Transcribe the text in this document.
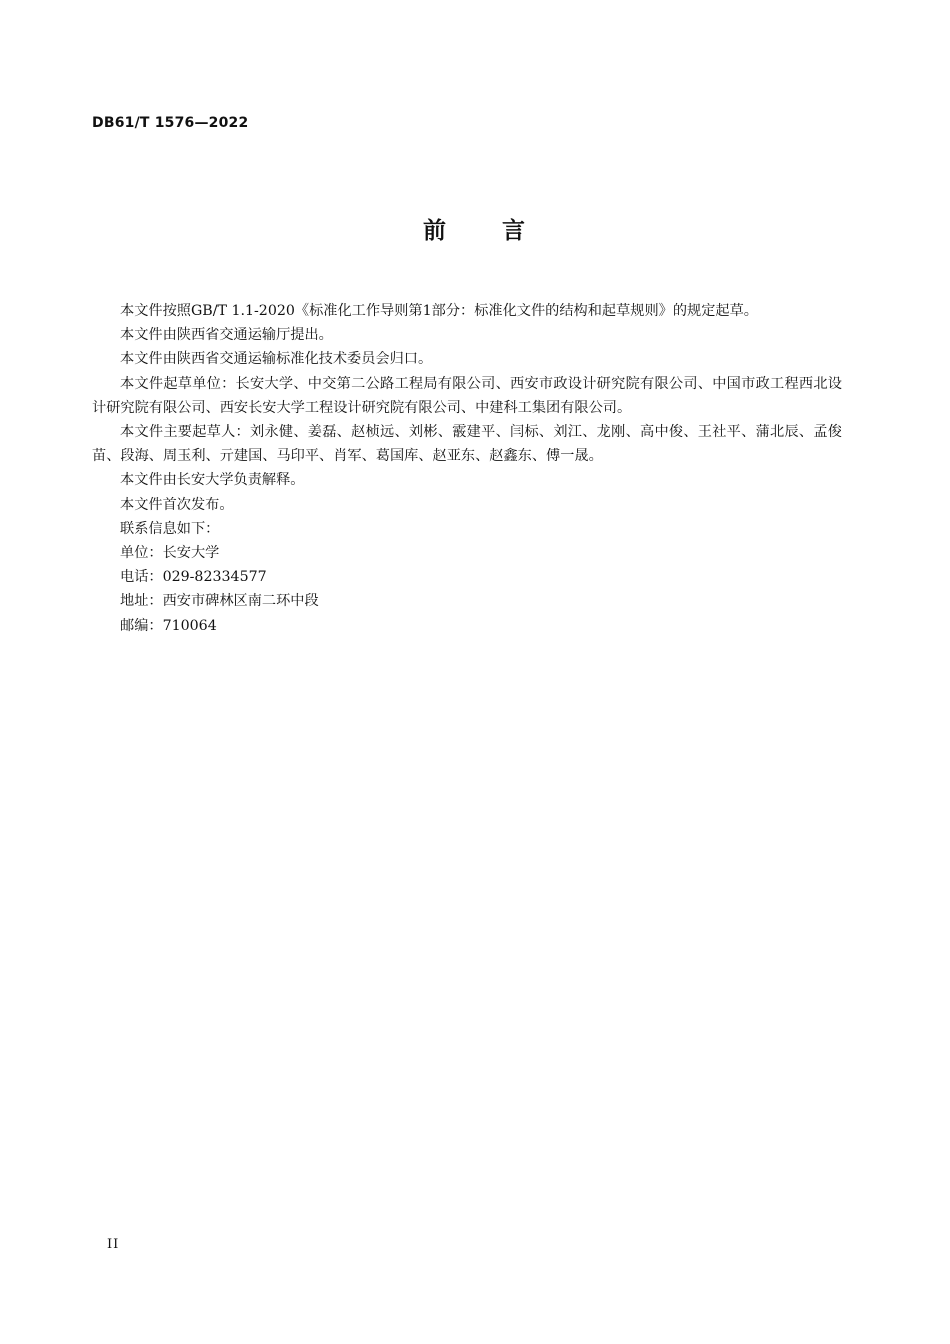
DB61/T 1576—2022
前 言

本文件按照GB/T 1.1-2020《标准化工作导则第1部分：标准化文件的结构和起草规则》的规定起草。

本文件由陕西省交通运输厅提出。

本文件由陕西省交通运输标准化技术委员会归口。

本文件起草单位：长安大学、中交第二公路工程局有限公司、西安市政设计研究院有限公司、中国市政工程西北设计研究院有限公司、西安长安大学工程设计研究院有限公司、中建科工集团有限公司。

本文件主要起草人：刘永健、姜磊、赵桢远、刘彬、霰建平、闫标、刘江、龙刚、高中俊、王社平、蒲北辰、孟俊苗、段海、周玉利、亓建国、马印平、肖军、葛国库、赵亚东、赵鑫东、傅一晟。

本文件由长安大学负责解释。

本文件首次发布。

联系信息如下：

单位：长安大学

电话：029-82334577

地址：西安市碑林区南二环中段

邮编：710064

II
